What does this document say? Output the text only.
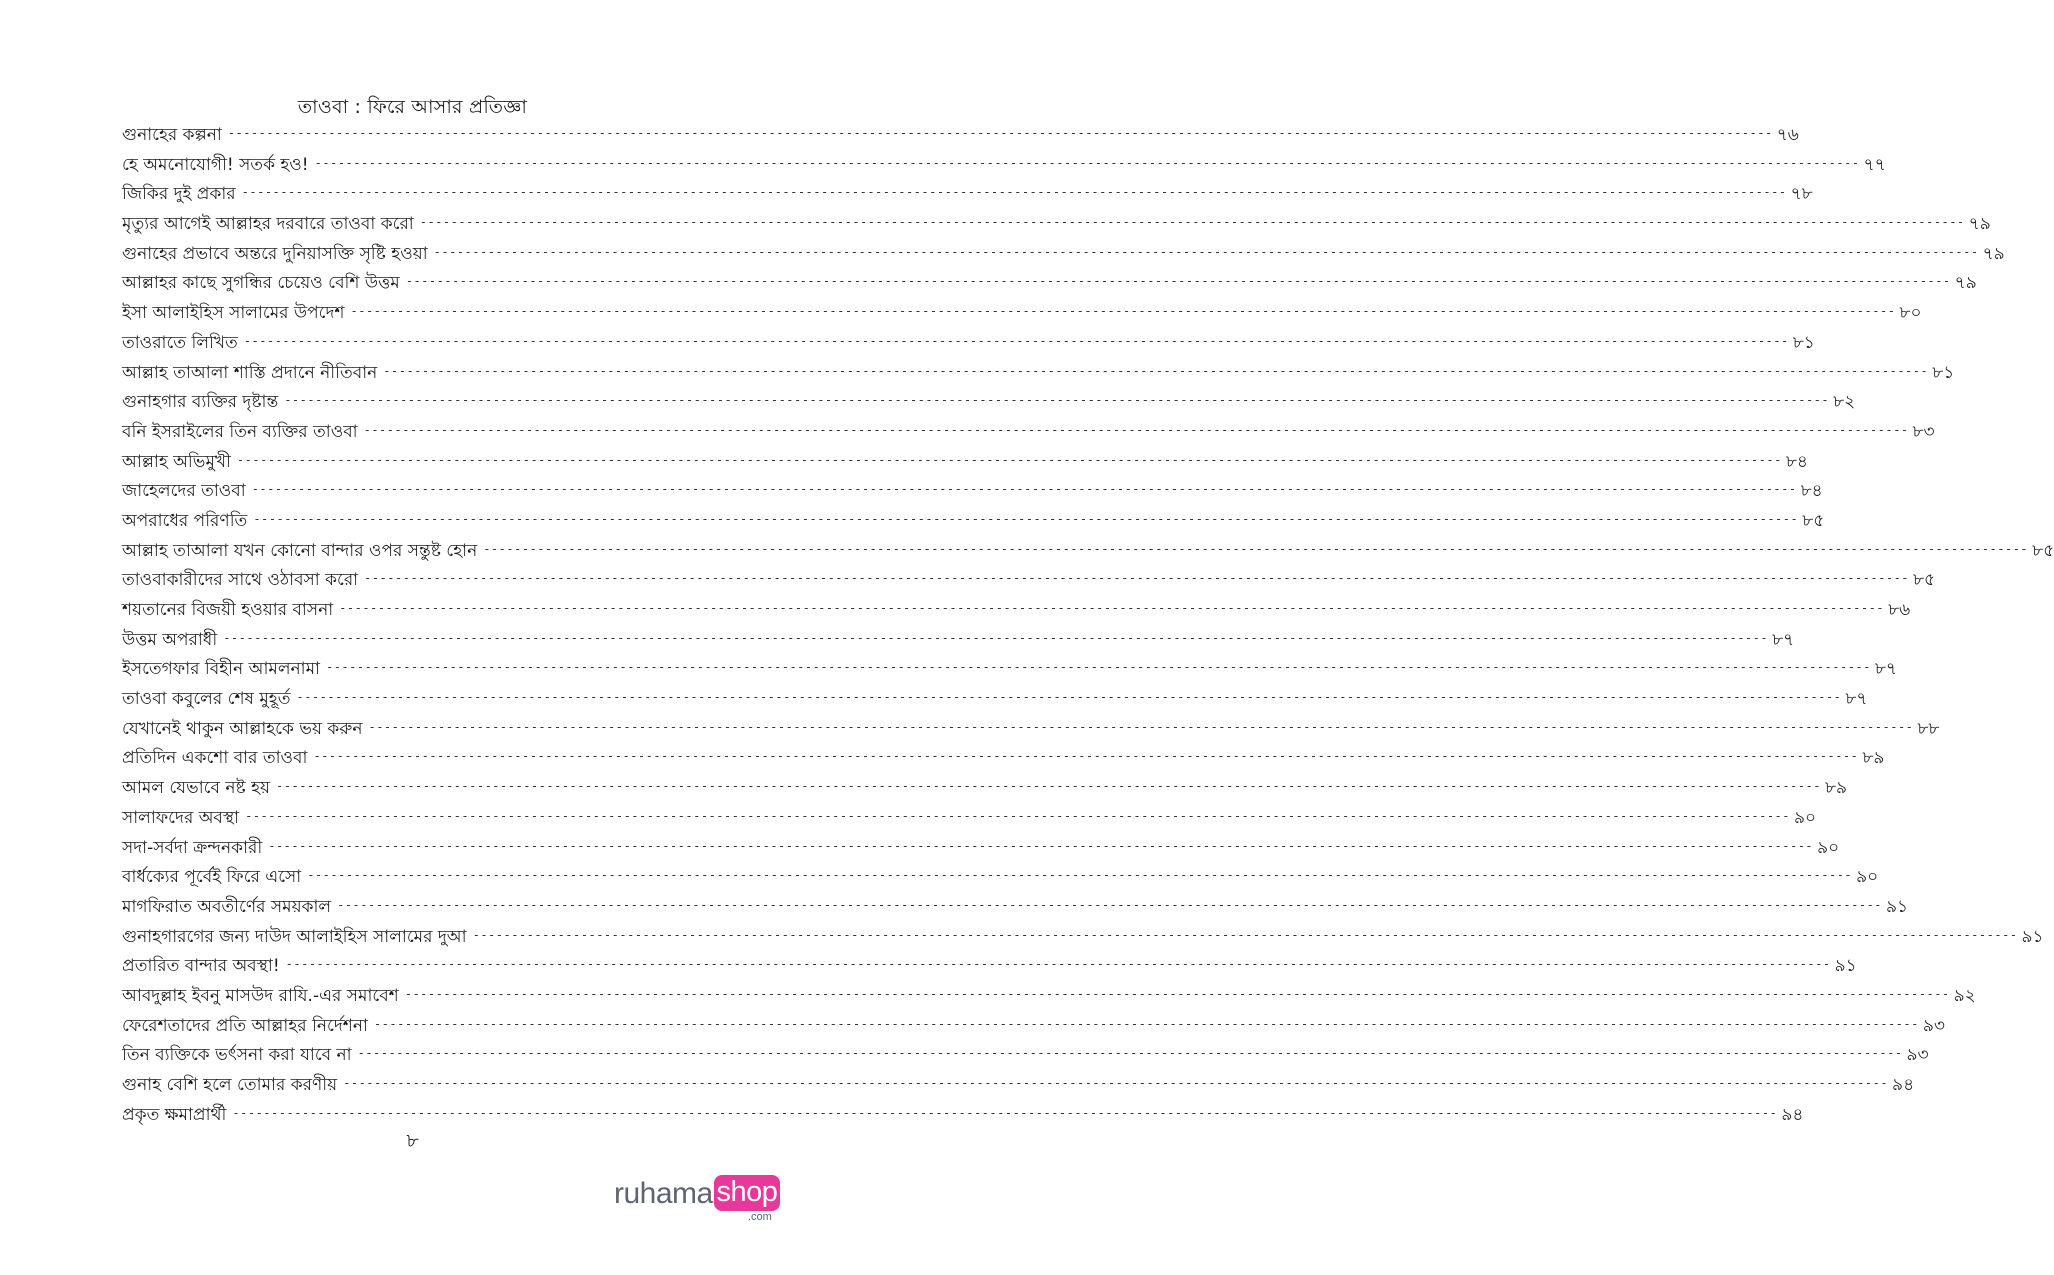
তাওবা : ফিরে আসার প্রতিজ্ঞা
গুনাহের কল্পনা -------------------------------------------------------------------------------------------------------------------------------------------------------------------------------------------------------- ৭৬
হে অমনোযোগী! সতর্ক হও! -------------------------------------------------------------------------------------------------------------------------------------------------------------------------------------------------------- ৭৭
জিকির দুই প্রকার -------------------------------------------------------------------------------------------------------------------------------------------------------------------------------------------------------- ৭৮
মৃত্যুর আগেই আল্লাহর দরবারে তাওবা করো -------------------------------------------------------------------------------------------------------------------------------------------------------------------------------------------------------- ৭৯
গুনাহের প্রভাবে অন্তরে দুনিয়াসক্তি সৃষ্টি হওয়া -------------------------------------------------------------------------------------------------------------------------------------------------------------------------------------------------------- ৭৯
আল্লাহর কাছে সুগন্ধির চেয়েও বেশি উত্তম -------------------------------------------------------------------------------------------------------------------------------------------------------------------------------------------------------- ৭৯
ইসা আলাইহিস সালামের উপদেশ -------------------------------------------------------------------------------------------------------------------------------------------------------------------------------------------------------- ৮০
তাওরাতে লিখিত -------------------------------------------------------------------------------------------------------------------------------------------------------------------------------------------------------- ৮১
আল্লাহ তাআলা শাস্তি প্রদানে নীতিবান -------------------------------------------------------------------------------------------------------------------------------------------------------------------------------------------------------- ৮১
গুনাহগার ব্যক্তির দৃষ্টান্ত -------------------------------------------------------------------------------------------------------------------------------------------------------------------------------------------------------- ৮২
বনি ইসরাইলের তিন ব্যক্তির তাওবা -------------------------------------------------------------------------------------------------------------------------------------------------------------------------------------------------------- ৮৩
আল্লাহ অভিমুখী -------------------------------------------------------------------------------------------------------------------------------------------------------------------------------------------------------- ৮৪
জাহেলদের তাওবা -------------------------------------------------------------------------------------------------------------------------------------------------------------------------------------------------------- ৮৪
অপরাধের পরিণতি -------------------------------------------------------------------------------------------------------------------------------------------------------------------------------------------------------- ৮৫
আল্লাহ তাআলা যখন কোনো বান্দার ওপর সন্তুষ্ট হোন -------------------------------------------------------------------------------------------------------------------------------------------------------------------------------------------------------- ৮৫
তাওবাকারীদের সাথে ওঠাবসা করো -------------------------------------------------------------------------------------------------------------------------------------------------------------------------------------------------------- ৮৫
শয়তানের বিজয়ী হওয়ার বাসনা -------------------------------------------------------------------------------------------------------------------------------------------------------------------------------------------------------- ৮৬
উত্তম অপরাধী -------------------------------------------------------------------------------------------------------------------------------------------------------------------------------------------------------- ৮৭
ইসতেগফার বিহীন আমলনামা -------------------------------------------------------------------------------------------------------------------------------------------------------------------------------------------------------- ৮৭
তাওবা কবুলের শেষ মুহূর্ত -------------------------------------------------------------------------------------------------------------------------------------------------------------------------------------------------------- ৮৭
যেখানেই থাকুন আল্লাহকে ভয় করুন -------------------------------------------------------------------------------------------------------------------------------------------------------------------------------------------------------- ৮৮
প্রতিদিন একশো বার তাওবা -------------------------------------------------------------------------------------------------------------------------------------------------------------------------------------------------------- ৮৯
আমল যেভাবে নষ্ট হয় -------------------------------------------------------------------------------------------------------------------------------------------------------------------------------------------------------- ৮৯
সালাফদের অবস্থা -------------------------------------------------------------------------------------------------------------------------------------------------------------------------------------------------------- ৯০
সদা-সর্বদা ক্রন্দনকারী -------------------------------------------------------------------------------------------------------------------------------------------------------------------------------------------------------- ৯০
বার্ধক্যের পূর্বেই ফিরে এসো -------------------------------------------------------------------------------------------------------------------------------------------------------------------------------------------------------- ৯০
মাগফিরাত অবতীর্ণের সময়কাল -------------------------------------------------------------------------------------------------------------------------------------------------------------------------------------------------------- ৯১
গুনাহগারগের জন্য দাউদ আলাইহিস সালামের দুআ -------------------------------------------------------------------------------------------------------------------------------------------------------------------------------------------------------- ৯১
প্রতারিত বান্দার অবস্থা! -------------------------------------------------------------------------------------------------------------------------------------------------------------------------------------------------------- ৯১
আবদুল্লাহ ইবনু মাসউদ রাযি.-এর সমাবেশ -------------------------------------------------------------------------------------------------------------------------------------------------------------------------------------------------------- ৯২
ফেরেশতাদের প্রতি আল্লাহর নির্দেশনা -------------------------------------------------------------------------------------------------------------------------------------------------------------------------------------------------------- ৯৩
তিন ব্যক্তিকে ভর্ৎসনা করা যাবে না -------------------------------------------------------------------------------------------------------------------------------------------------------------------------------------------------------- ৯৩
গুনাহ বেশি হলে তোমার করণীয় -------------------------------------------------------------------------------------------------------------------------------------------------------------------------------------------------------- ৯৪
প্রকৃত ক্ষমাপ্রার্থী -------------------------------------------------------------------------------------------------------------------------------------------------------------------------------------------------------- ৯৪
৮
ruhama shop
.com
